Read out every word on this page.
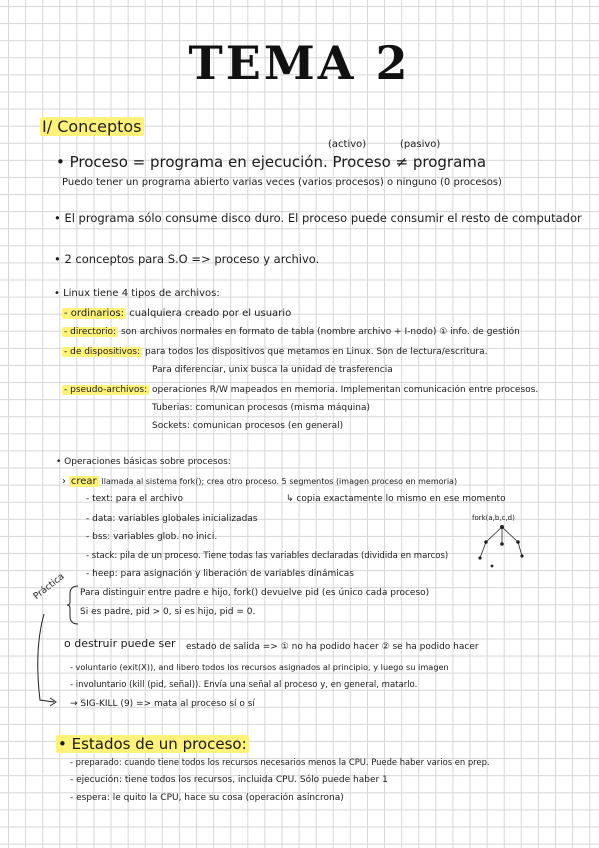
TEMA 2
I/ Conceptos
(activo)	(pasivo)
• Proceso = programa en ejecución. Proceso ≠ programa
Puedo tener un programa abierto varias veces (varios procesos) o ninguno (0 procesos)
• El programa sólo consume disco duro. El proceso puede consumir el resto de computador
• 2 conceptos para S.O => proceso y archivo.
• Linux tiene 4 tipos de archivos:
- ordinarios: cualquiera creado por el usuario
- directorio: son archivos normales en formato de tabla (nombre archivo + I-nodo) ① info. de gestión
- de dispositivos: para todos los dispositivos que metamos en Linux. Son de lectura/escritura.
Para diferenciar, unix busca la unidad de trasferencia
- pseudo-archivos: operaciones R/W mapeados en memoria. Implementan comunicación entre procesos.
Tuberias: comunican procesos (misma máquina)
Sockets: comunican procesos (en general)
• Operaciones básicas sobre procesos:
› crear llamada al sistema fork(); crea otro proceso. 5 segmentos (imagen proceso en memoria)
- text: para el archivo	↳ copia exactamente lo mismo en ese momento
fork(a,b,c,d)
- data: variables globales inicializadas
- bss: variables glob. no inici.
- stack: pila de un proceso. Tiene todas las variables declaradas (dividida en marcos)
- heep: para asignación y liberación de variables dinámicas
Práctica Para distinguir entre padre e hijo, fork() devuelve pid (es único cada proceso)
Si es padre, pid > 0, si es hijo, pid = 0.
o destruir puede ser estado de salida => ① no ha podido hacer ② se ha podido hacer
- voluntario (exit(X)), and libero todos los recursos asignados al principio, y luego su imagen
- involuntario (kill (pid, señal)). Envía una señal al proceso y, en general, matarlo.
→ SIG-KILL (9) => mata al proceso sí o sí
• Estados de un proceso:
- preparado: cuando tiene todos los recursos necesarios menos la CPU. Puede haber varios en prep.
- ejecución: tiene todos los recursos, incluida CPU. Sólo puede haber 1
- espera: le quito la CPU, hace su cosa (operación asíncrona)
